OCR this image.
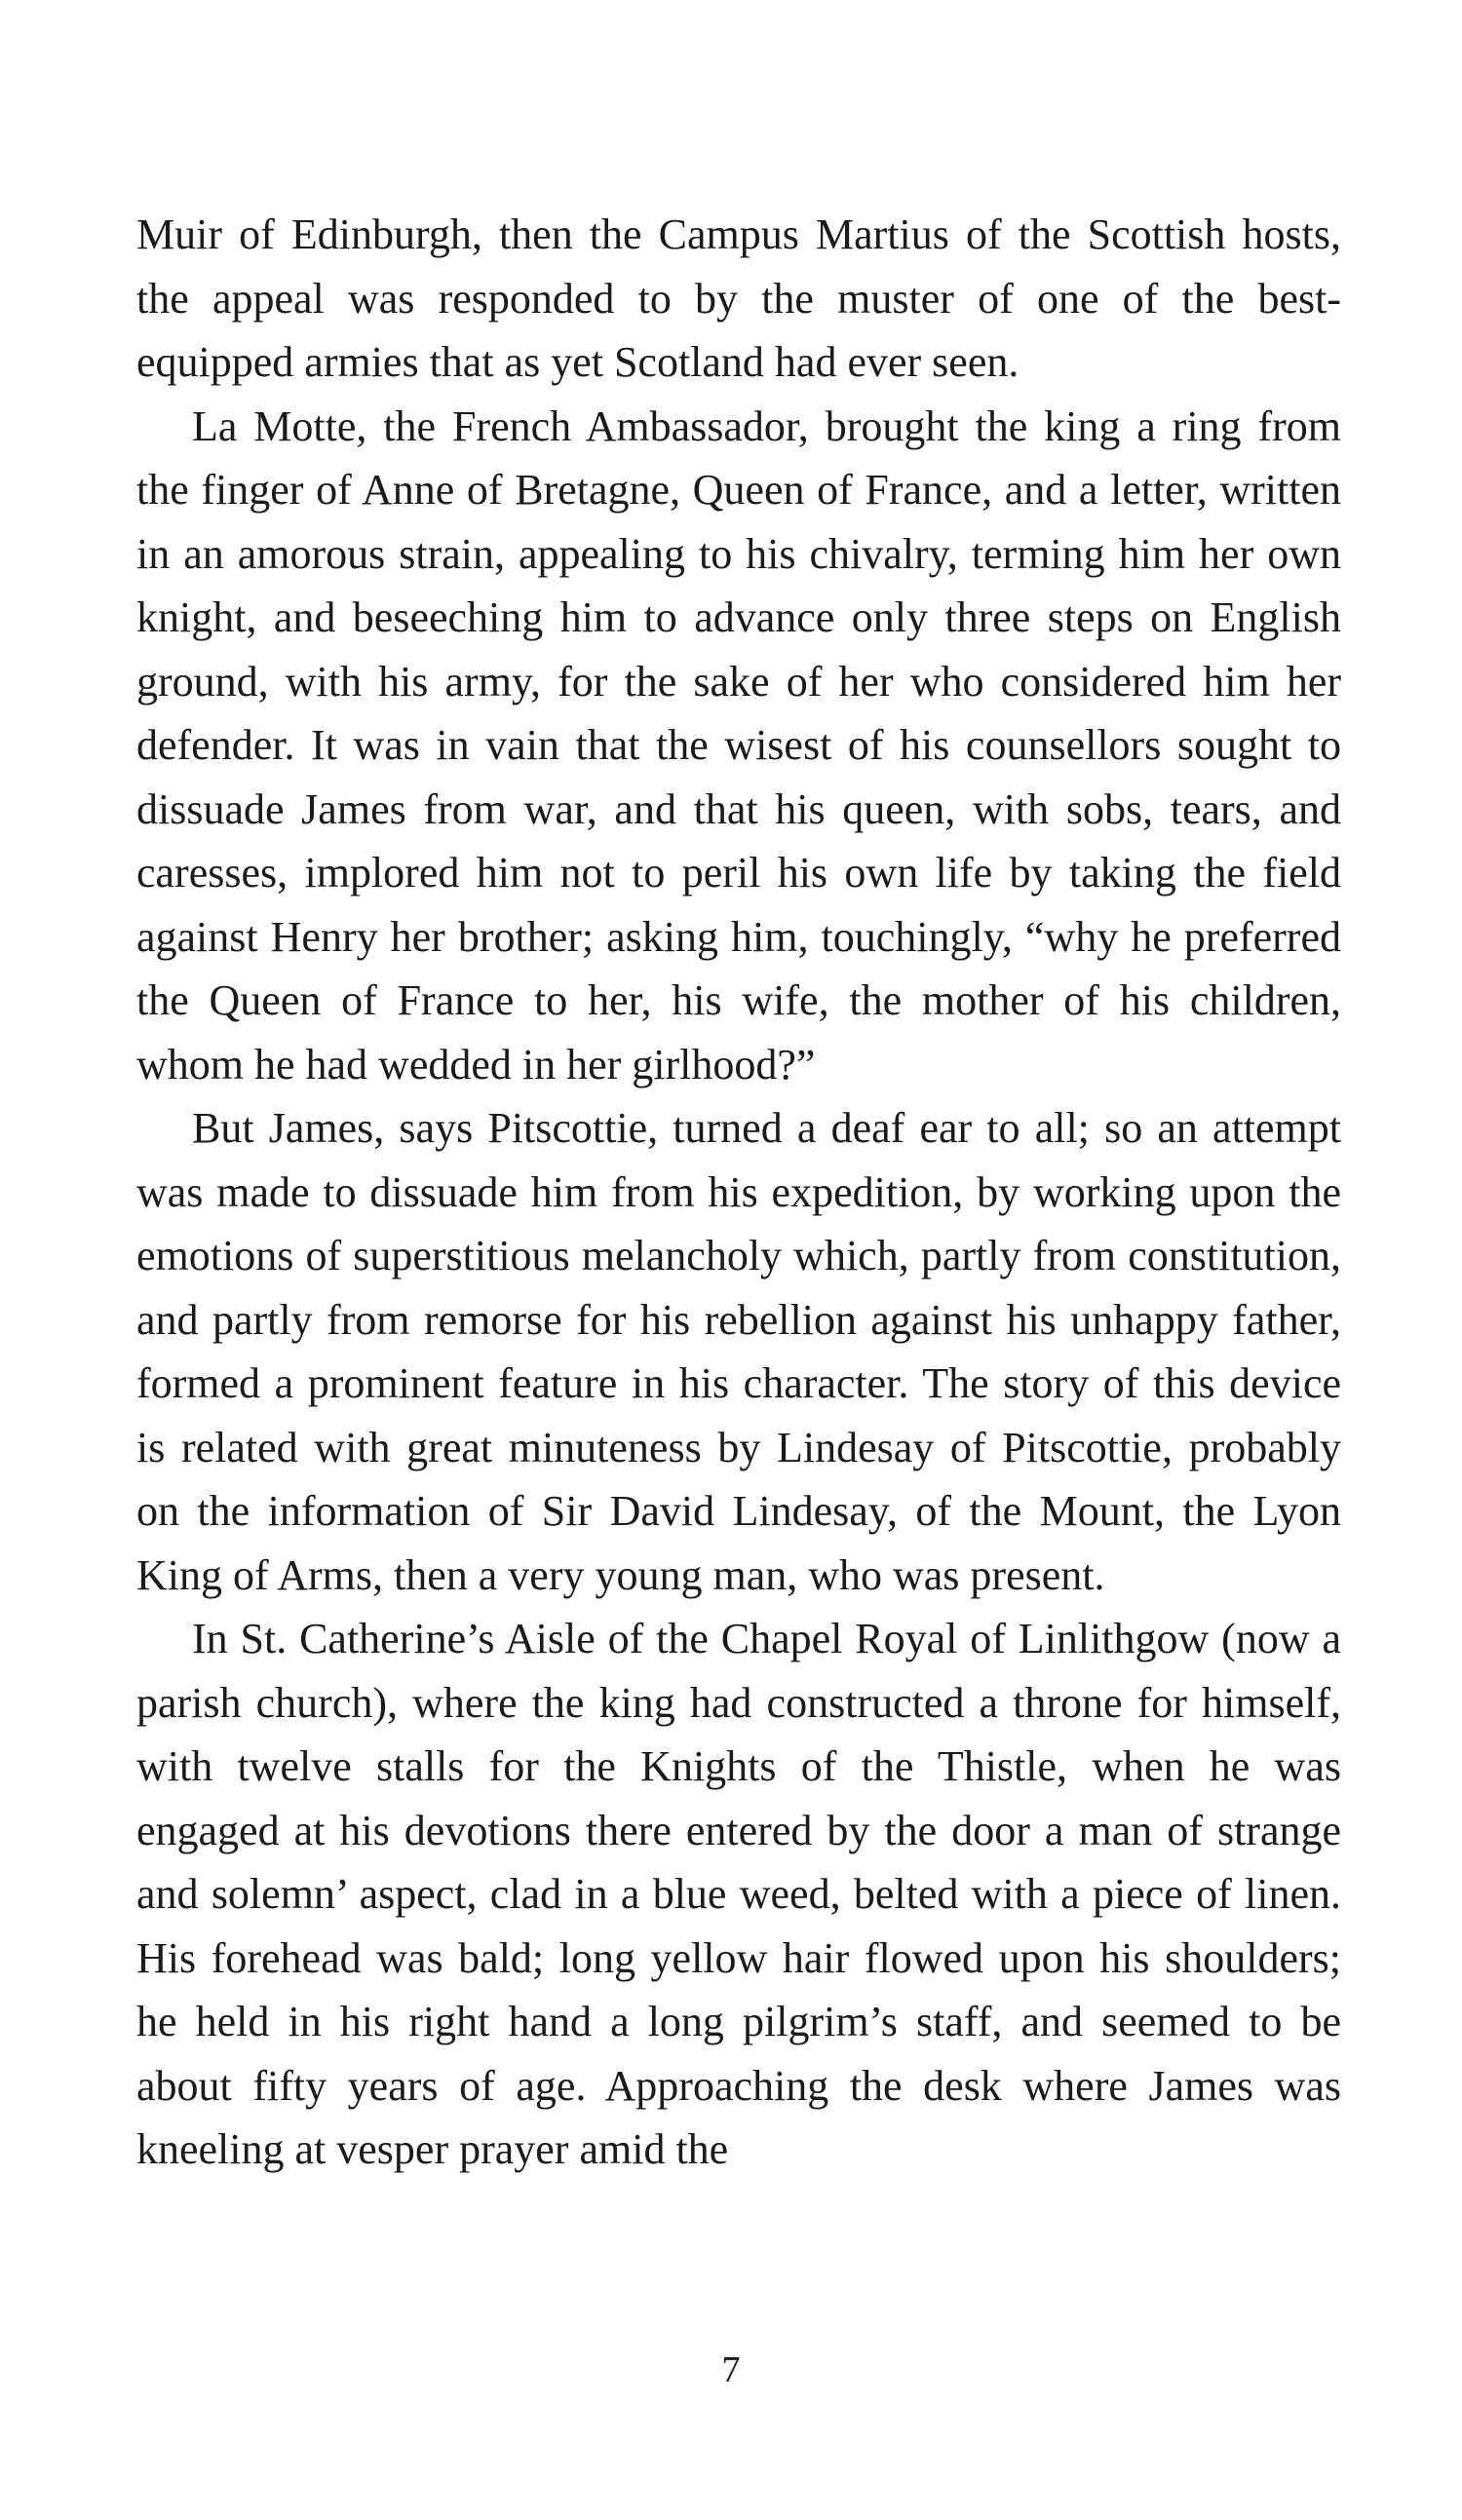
Muir of Edinburgh, then the Campus Martius of the Scottish hosts, the appeal was responded to by the muster of one of the best-equipped armies that as yet Scotland had ever seen.

La Motte, the French Ambassador, brought the king a ring from the finger of Anne of Bretagne, Queen of France, and a letter, written in an amorous strain, appealing to his chivalry, terming him her own knight, and beseeching him to advance only three steps on English ground, with his army, for the sake of her who considered him her defender. It was in vain that the wisest of his counsellors sought to dissuade James from war, and that his queen, with sobs, tears, and caresses, implored him not to peril his own life by taking the field against Henry her brother; asking him, touchingly, “why he preferred the Queen of France to her, his wife, the mother of his children, whom he had wedded in her girlhood?”

But James, says Pitscottie, turned a deaf ear to all; so an attempt was made to dissuade him from his expedition, by working upon the emotions of superstitious melancholy which, partly from constitution, and partly from remorse for his rebellion against his unhappy father, formed a prominent feature in his character. The story of this device is related with great minuteness by Lindesay of Pitscottie, probably on the information of Sir David Lindesay, of the Mount, the Lyon King of Arms, then a very young man, who was present.

In St. Catherine’s Aisle of the Chapel Royal of Linlithgow (now a parish church), where the king had constructed a throne for himself, with twelve stalls for the Knights of the Thistle, when he was engaged at his devotions there entered by the door a man of strange and solemn’ aspect, clad in a blue weed, belted with a piece of linen. His forehead was bald; long yellow hair flowed upon his shoulders; he held in his right hand a long pilgrim’s staff, and seemed to be about fifty years of age. Approaching the desk where James was kneeling at vesper prayer amid the

7
